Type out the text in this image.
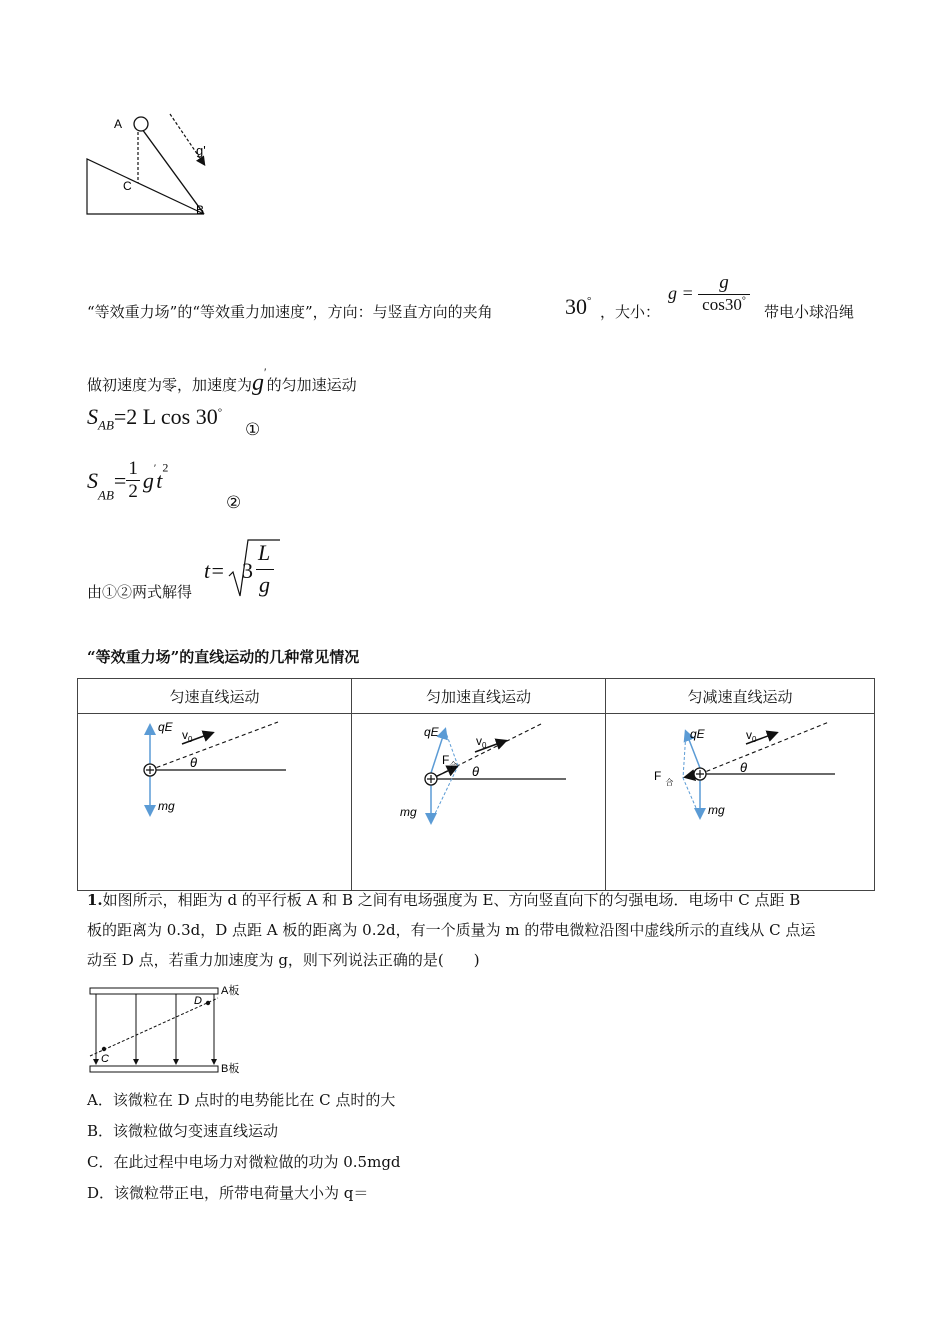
A
C
B
g'
“等效重力场”的“等效重力加速度”，方向：与竖直方向的夹角	30°
，大小：
$g = \frac{g}{\cos 30^\circ}$ 带电小球沿绳
做初速度为零，加速度为g′的匀加速运动
$S_{AB}=2$ L cos 30°
①
$S_{AB}= \frac{1}{2} g't^2$
②
由①②两式解得
t= 3
L
g
“等效重力场”的直线运动的几种常见情况
匀速直线运动	匀加速直线运动	匀减速直线运动

qE
mg
$v_0$
θ	qE
mg
$F_合$
$v_0$
θ	qE
mg
F $_合$
$v_0$
θ
1.如图所示，相距为 d 的平行板 A 和 B 之间有电场强度为 E、方向竖直向下的匀强电场．电场中 C 点距 B
板的距离为 0.3d，D 点距 A 板的距离为 0.2d，有一个质量为 m 的带电微粒沿图中虚线所示的直线从 C 点运
动至 D 点，若重力加速度为 g，则下列说法正确的是(　　)
C
D
A板
B板
A．该微粒在 D 点时的电势能比在 C 点时的大
B．该微粒做匀变速直线运动
C．在此过程中电场力对微粒做的功为 0.5mgd
D．该微粒带正电，所带电荷量大小为 q＝
